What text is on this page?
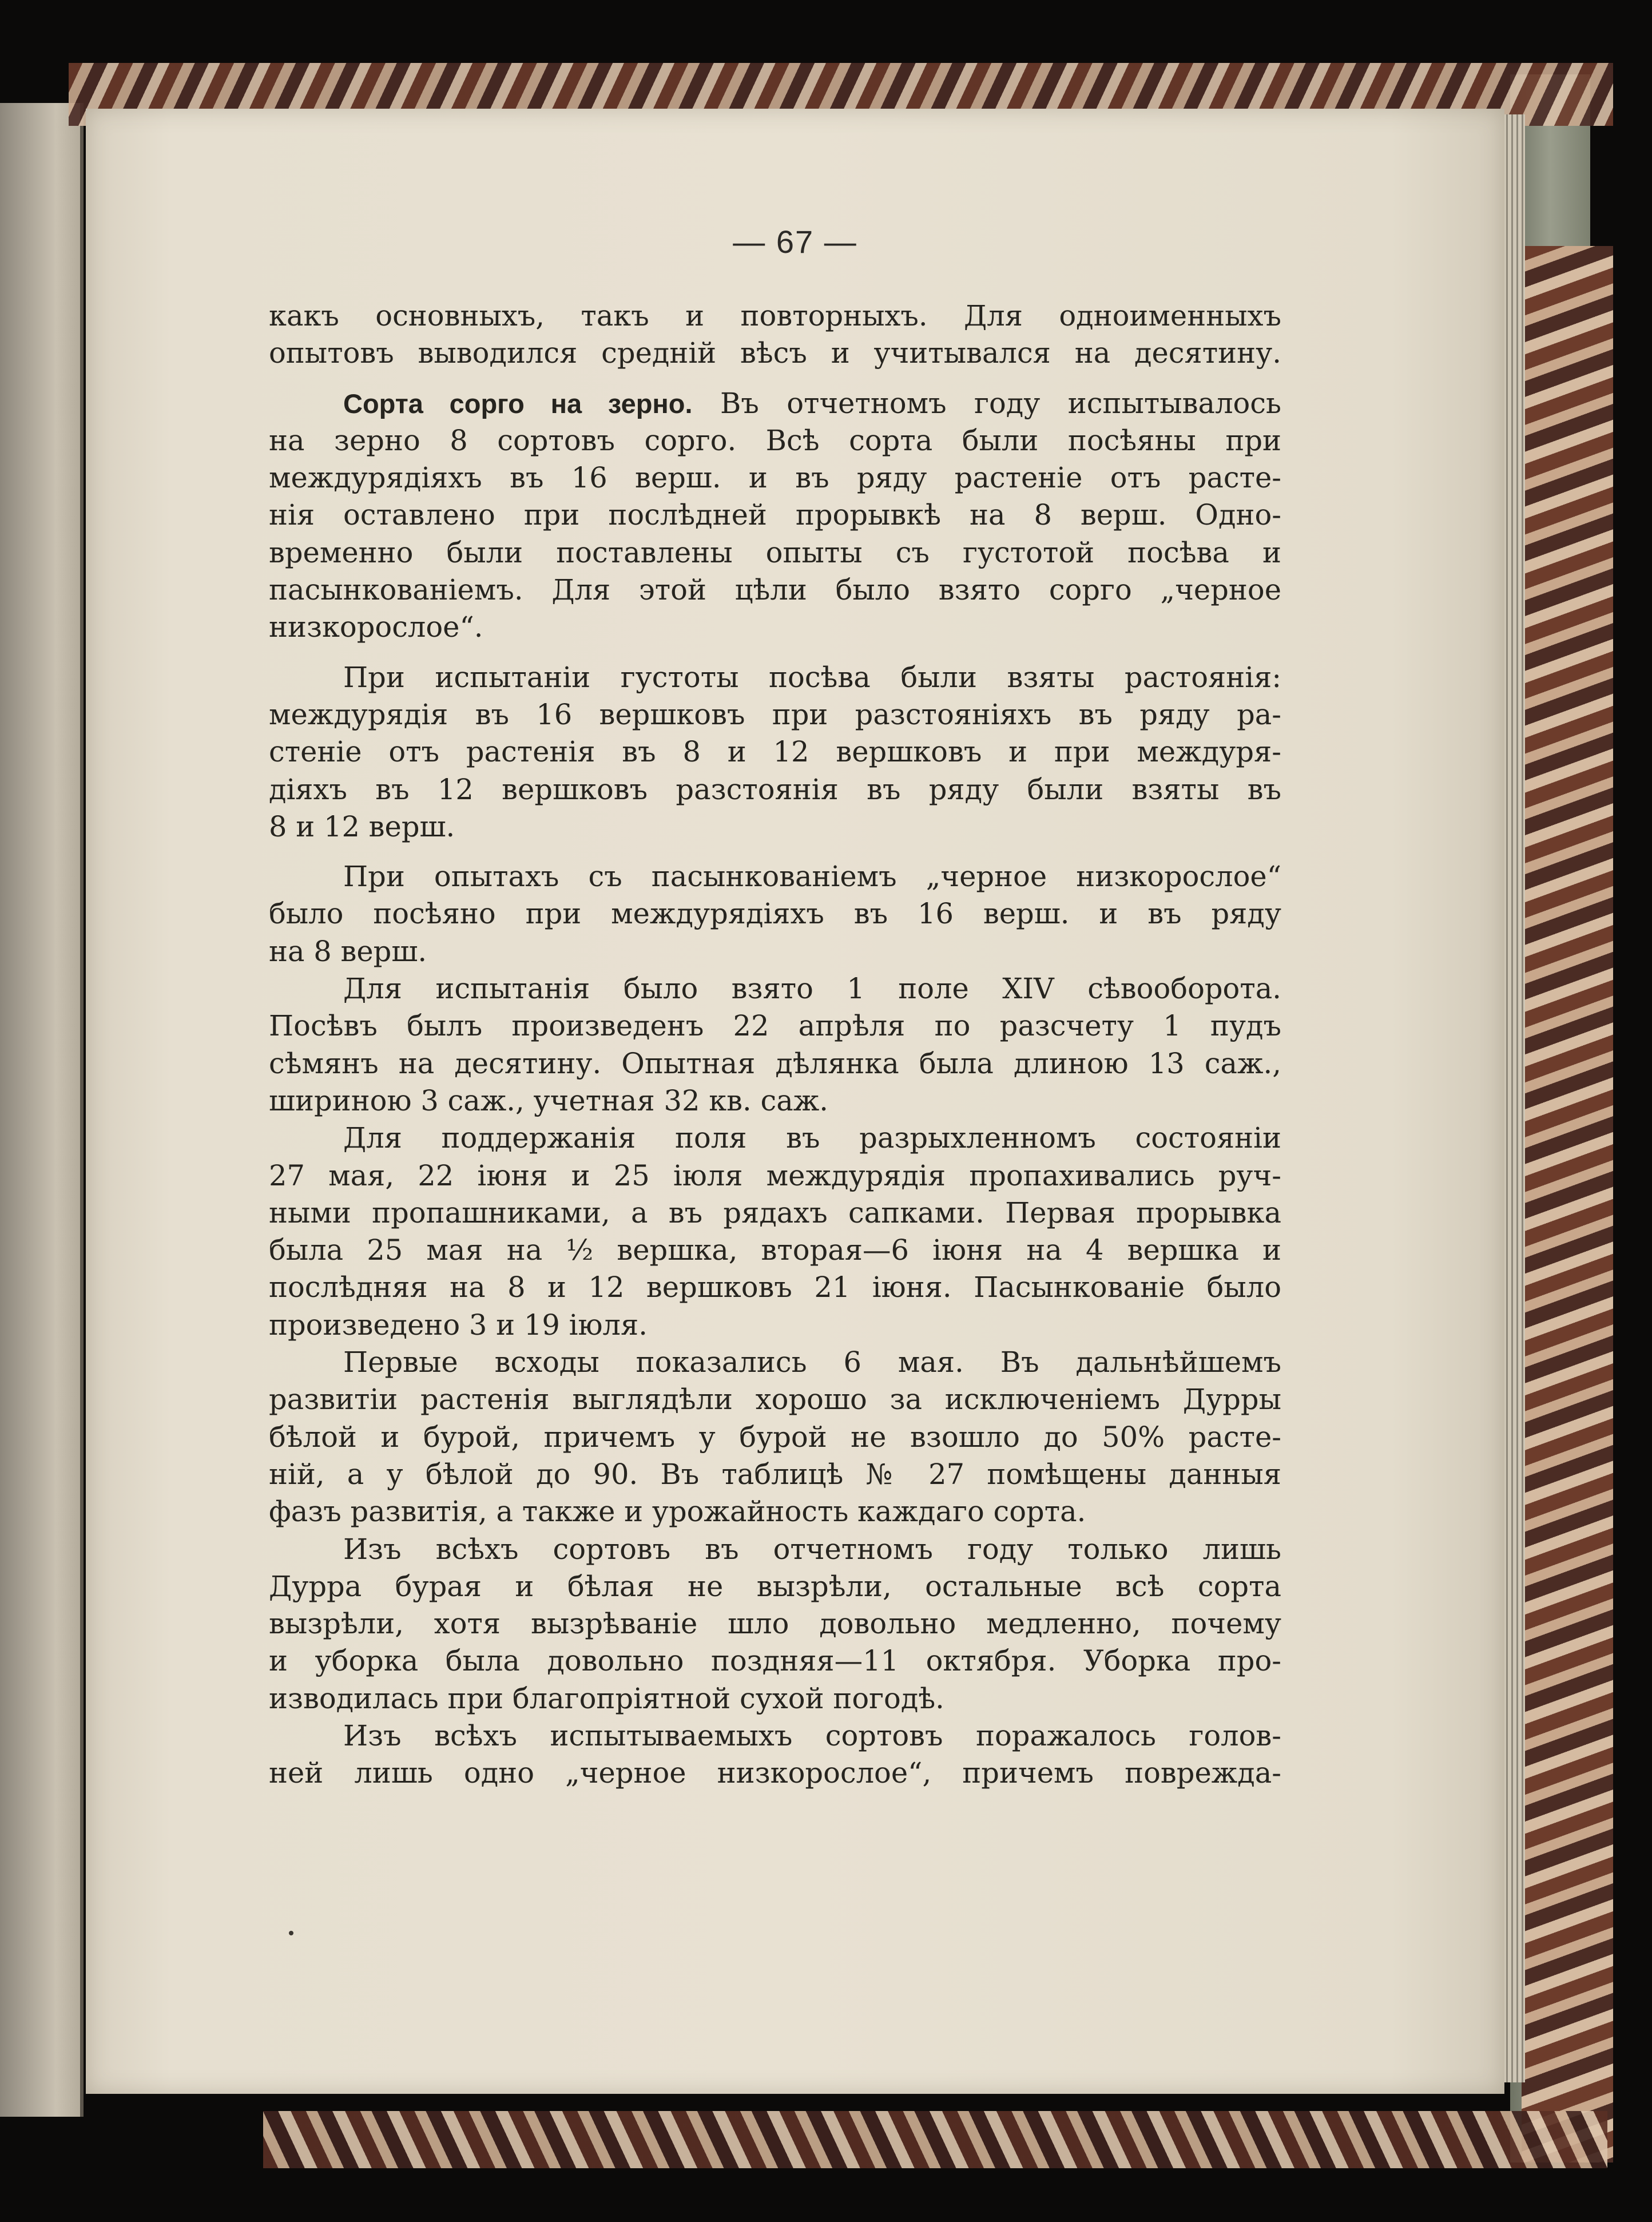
— 67 —
какъ основныхъ, такъ и повторныхъ. Для одноименныхъ
опытовъ выводился среднiй вѣсъ и учитывался на десятину.
Сорта сорго на зерно. Въ отчетномъ году испытывалось
на зерно 8 сортовъ сорго. Всѣ сорта были посѣяны при
междурядiяхъ въ 16 верш. и въ ряду растенiе отъ расте-
нiя оставлено при послѣдней прорывкѣ на 8 верш. Одно-
временно были поставлены опыты съ густотой посѣва и
пасынкованiемъ. Для этой цѣли было взято сорго „черное
низкорослое“.
При испытанiи густоты посѣва были взяты растоянiя:
междурядiя въ 16 вершковъ при разстоянiяхъ въ ряду ра-
стенiе отъ растенiя въ 8 и 12 вершковъ и при междуря-
дiяхъ въ 12 вершковъ разстоянiя въ ряду были взяты въ
8 и 12 верш.
При опытахъ съ пасынкованiемъ „черное низкорослое“
было посѣяно при междурядiяхъ въ 16 верш. и въ ряду
на 8 верш.
Для испытанiя было взято 1 поле XIV сѣвооборота.
Посѣвъ былъ произведенъ 22 апрѣля по разсчету 1 пудъ
сѣмянъ на десятину. Опытная дѣлянка была длиною 13 саж.,
шириною 3 саж., учетная 32 кв. саж.
Для поддержанiя поля въ разрыхленномъ состоянiи
27 мая, 22 iюня и 25 iюля междурядiя пропахивались руч-
ными пропашниками, а въ рядахъ сапками. Первая прорывка
была 25 мая на ½ вершка, вторая—6 iюня на 4 вершка и
послѣдняя на 8 и 12 вершковъ 21 iюня. Пасынкованiе было
произведено 3 и 19 iюля.
Первые всходы показались 6 мая. Въ дальнѣйшемъ
развитiи растенiя выглядѣли хорошо за исключенiемъ Дурры
бѣлой и бурой, причемъ у бурой не взошло до 50% расте-
нiй, а у бѣлой до 90. Въ таблицѣ № 27 помѣщены данныя
фазъ развитiя, а также и урожайность каждаго сорта.
Изъ всѣхъ сортовъ въ отчетномъ году только лишь
Дурра бурая и бѣлая не вызрѣли, остальные всѣ сорта
вызрѣли, хотя вызрѣванiе шло довольно медленно, почему
и уборка была довольно поздняя—11 октября. Уборка про-
изводилась при благопрiятной сухой погодѣ.
Изъ всѣхъ испытываемыхъ сортовъ поражалось голов-
ней лишь одно „черное низкорослое“, причемъ поврежда-
